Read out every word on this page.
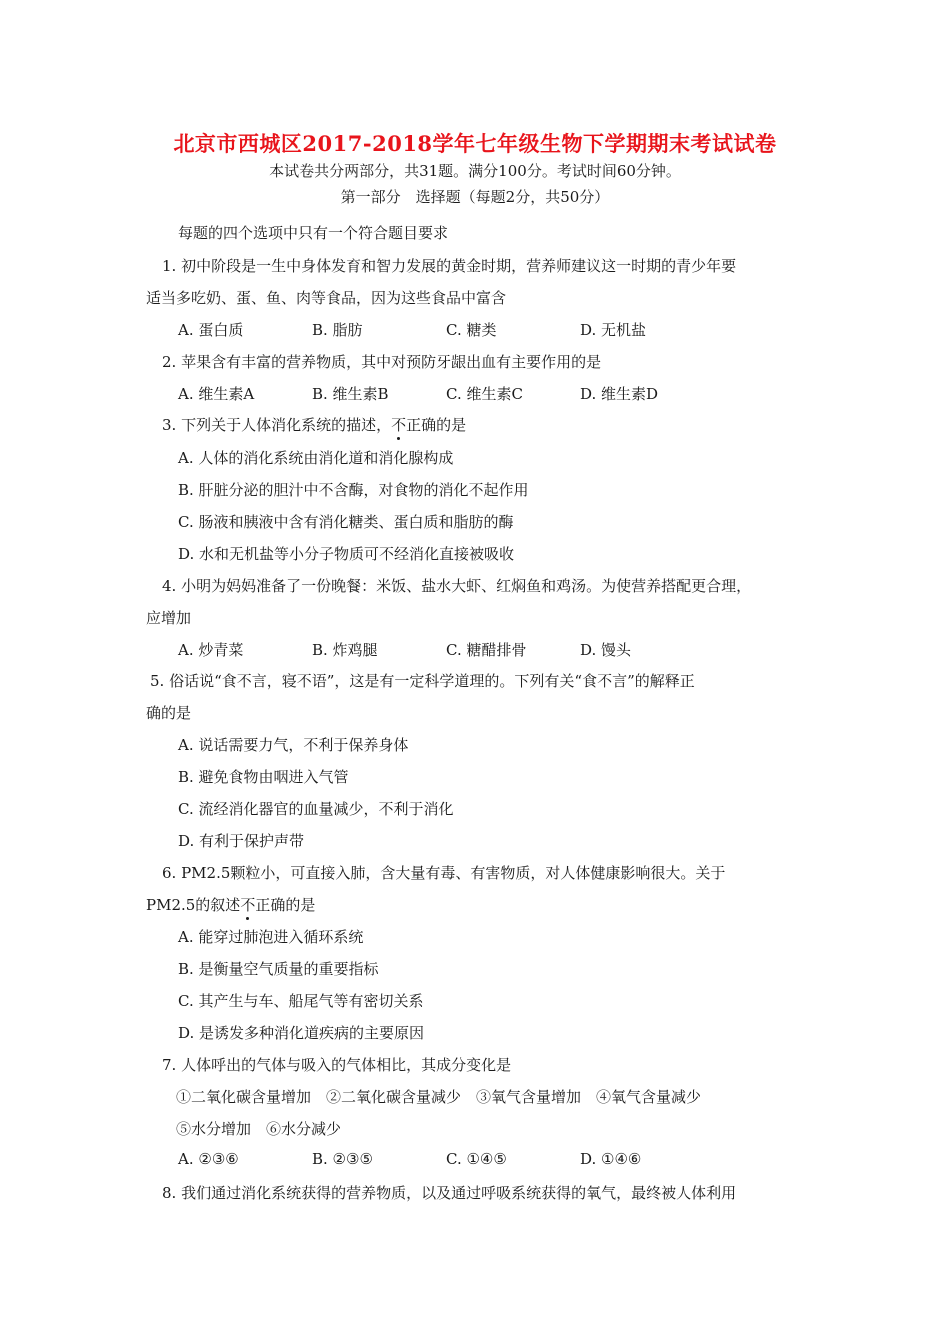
北京市西城区2017-2018学年七年级生物下学期期末考试试卷
本试卷共分两部分，共31题。满分100分。考试时间60分钟。
第一部分　选择题（每题2分，共50分）
每题的四个选项中只有一个符合题目要求
1. 初中阶段是一生中身体发育和智力发展的黄金时期，营养师建议这一时期的青少年要
适当多吃奶、蛋、鱼、肉等食品，因为这些食品中富含
A. 蛋白质	B. 脂肪	C. 糖类	D. 无机盐
2. 苹果含有丰富的营养物质，其中对预防牙龈出血有主要作用的是
A. 维生素A	B. 维生素B	C. 维生素C	D. 维生素D
3. 下列关于人体消化系统的描述，不正确的是
A. 人体的消化系统由消化道和消化腺构成
B. 肝脏分泌的胆汁中不含酶，对食物的消化不起作用
C. 肠液和胰液中含有消化糖类、蛋白质和脂肪的酶
D. 水和无机盐等小分子物质可不经消化直接被吸收
4. 小明为妈妈准备了一份晚餐：米饭、盐水大虾、红焖鱼和鸡汤。为使营养搭配更合理，
应增加
A. 炒青菜	B. 炸鸡腿	C. 糖醋排骨	D. 馒头
5. 俗话说“食不言，寝不语”，这是有一定科学道理的。下列有关“食不言”的解释正
确的是
A. 说话需要力气，不利于保养身体
B. 避免食物由咽进入气管
C. 流经消化器官的血量减少，不利于消化
D. 有利于保护声带
6. PM2.5颗粒小，可直接入肺，含大量有毒、有害物质，对人体健康影响很大。关于
PM2.5的叙述不正确的是
A. 能穿过肺泡进入循环系统
B. 是衡量空气质量的重要指标
C. 其产生与车、船尾气等有密切关系
D. 是诱发多种消化道疾病的主要原因
7. 人体呼出的气体与吸入的气体相比，其成分变化是
①二氧化碳含量增加　②二氧化碳含量减少　③氧气含量增加　④氧气含量减少
⑤水分增加　⑥水分减少
A. ②③⑥	B. ②③⑤	C. ①④⑤	D. ①④⑥
8. 我们通过消化系统获得的营养物质，以及通过呼吸系统获得的氧气，最终被人体利用
